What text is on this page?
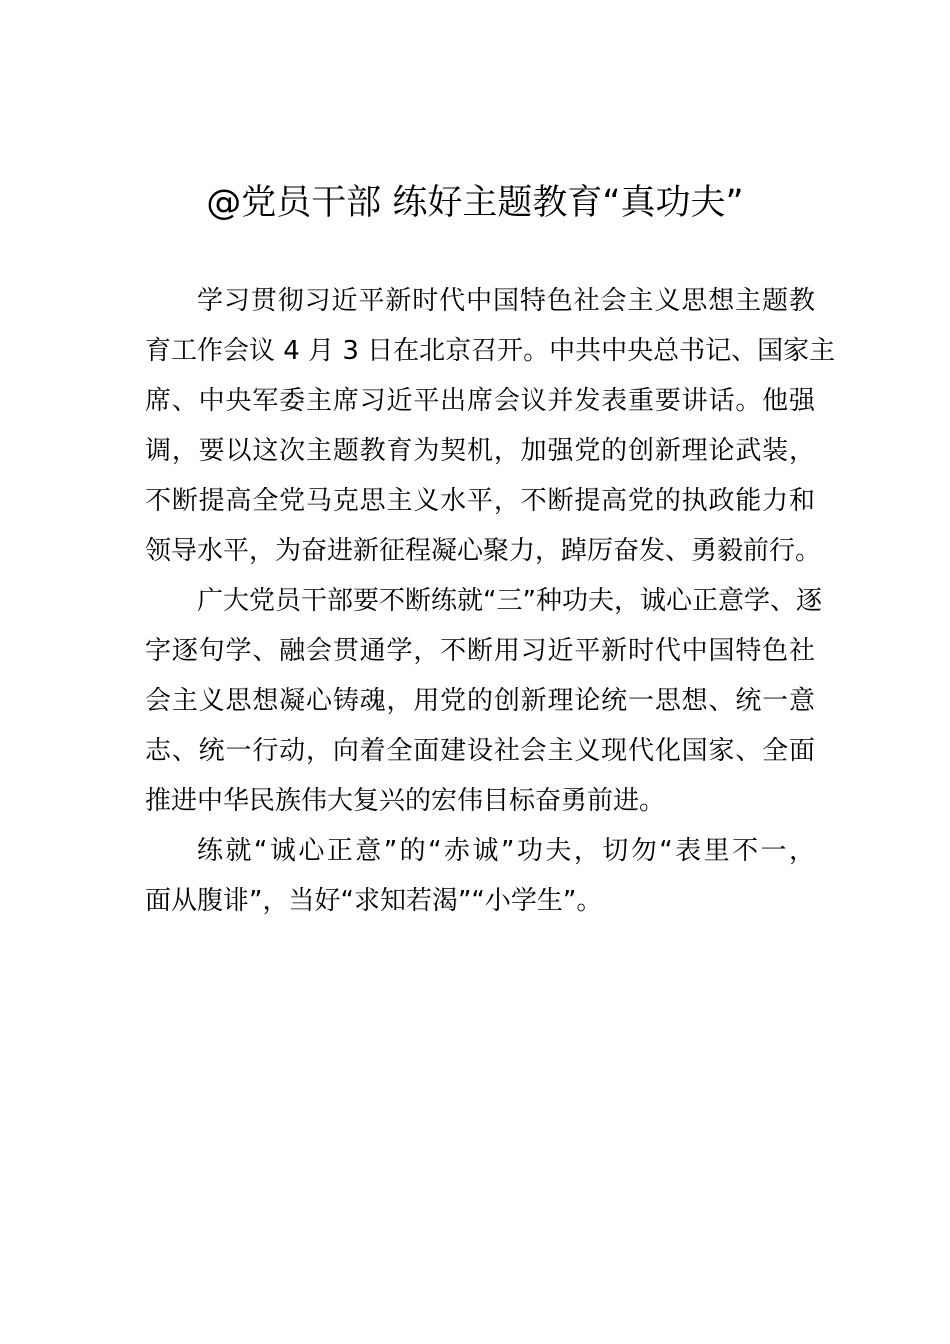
@党员干部 练好主题教育“真功夫”
学习贯彻习近平新时代中国特色社会主义思想主题教
育工作会议 4 月 3 日在北京召开。中共中央总书记、国家主
席、中央军委主席习近平出席会议并发表重要讲话。他强
调，要以这次主题教育为契机，加强党的创新理论武装，
不断提高全党马克思主义水平，不断提高党的执政能力和
领导水平，为奋进新征程凝心聚力，踔厉奋发、勇毅前行。
广大党员干部要不断练就“三”种功夫，诚心正意学、逐
字逐句学、融会贯通学，不断用习近平新时代中国特色社
会主义思想凝心铸魂，用党的创新理论统一思想、统一意
志、统一行动，向着全面建设社会主义现代化国家、全面
推进中华民族伟大复兴的宏伟目标奋勇前进。
练就“诚心正意”的“赤诚”功夫，切勿“表里不一，
面从腹诽”，当好“求知若渴”“小学生”。
